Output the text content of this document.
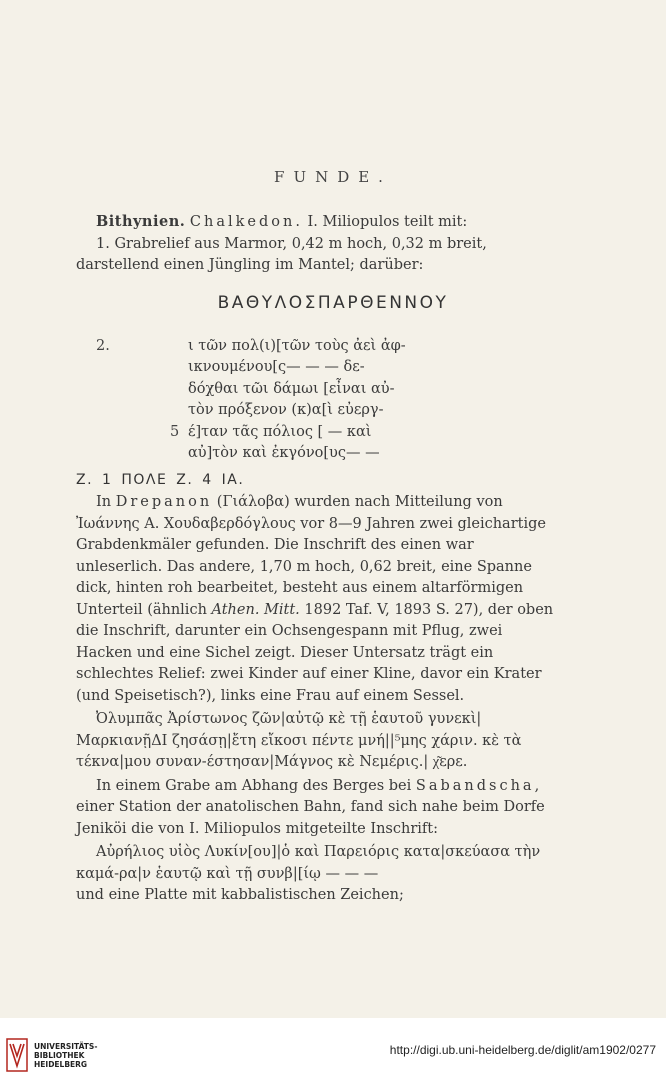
FUNDE.
Bithynien. Chalkedon. I. Miliopulos teilt mit:
1. Grabrelief aus Marmor, 0,42 m hoch, 0,32 m breit, darstellend einen Jüngling im Mantel; darüber:
ΒΑΘΥΛΟΣΠΑΡΘΕΝΝΟΥ
2.
5
ι τῶν πολ(ι)[τῶν τοὺς ἀεὶ ἀφ-
ικνουμένου[ς— — — δε-
δόχθαι τῶι δάμωι [εἶναι αὐ-
τὸν πρόξενον (κ)α[ὶ εὐεργ-
έ]ταν τᾶς πόλιος [ — καὶ
αὐ]τὸν καὶ ἐκγόνο[υς— —
Z. 1 ΠΟΛΕ Z. 4 ΙΑ.
In Drepanon (Γιάλοβα) wurden nach Mitteilung von Ἰωάννης Α. Χουδαβερδόγλους vor 8—9 Jahren zwei gleichartige Grabdenkmäler gefunden. Die Inschrift des einen war unleserlich. Das andere, 1,70 m hoch, 0,62 breit, eine Spanne dick, hinten roh bearbeitet, besteht aus einem altarförmigen Unterteil (ähnlich Athen. Mitt. 1892 Taf. V, 1893 S. 27), der oben die Inschrift, darunter ein Ochsengespann mit Pflug, zwei Hacken und eine Sichel zeigt. Dieser Untersatz trägt ein schlechtes Relief: zwei Kinder auf einer Kline, davor ein Krater (und Speisetisch?), links eine Frau auf einem Sessel.
Ὀλυμπᾶς Ἀρίστωνος ζῶν|αὐτῷ κὲ τῇ ἑαυτοῦ γυνεκὶ|ΜαρκιανῇΔΙ ζησάσῃ|ἔτη εἴκοσι πέντε μνή||⁵μης χάριν. κὲ τὰ τέκνα|μου συναν-έστησαν|Μάγνος κὲ Νεμέρις.| χ͂ερε.
In einem Grabe am Abhang des Berges bei Sabandscha, einer Station der anatolischen Bahn, fand sich nahe beim Dorfe Jeniköi die von I. Miliopulos mitgeteilte Inschrift:
Αὐρήλιος υἱὸς Λυκίν[ου]|ὁ καὶ Παρειόρις κατα|σκεύασα τὴν καμά-ρα|ν ἑαυτῷ καὶ τῇ συνβ|[ίῳ — — —
und eine Platte mit kabbalistischen Zeichen;
UNIVERSITÄTS-
BIBLIOTHEK
HEIDELBERG
http://digi.ub.uni-heidelberg.de/diglit/am1902/0277
